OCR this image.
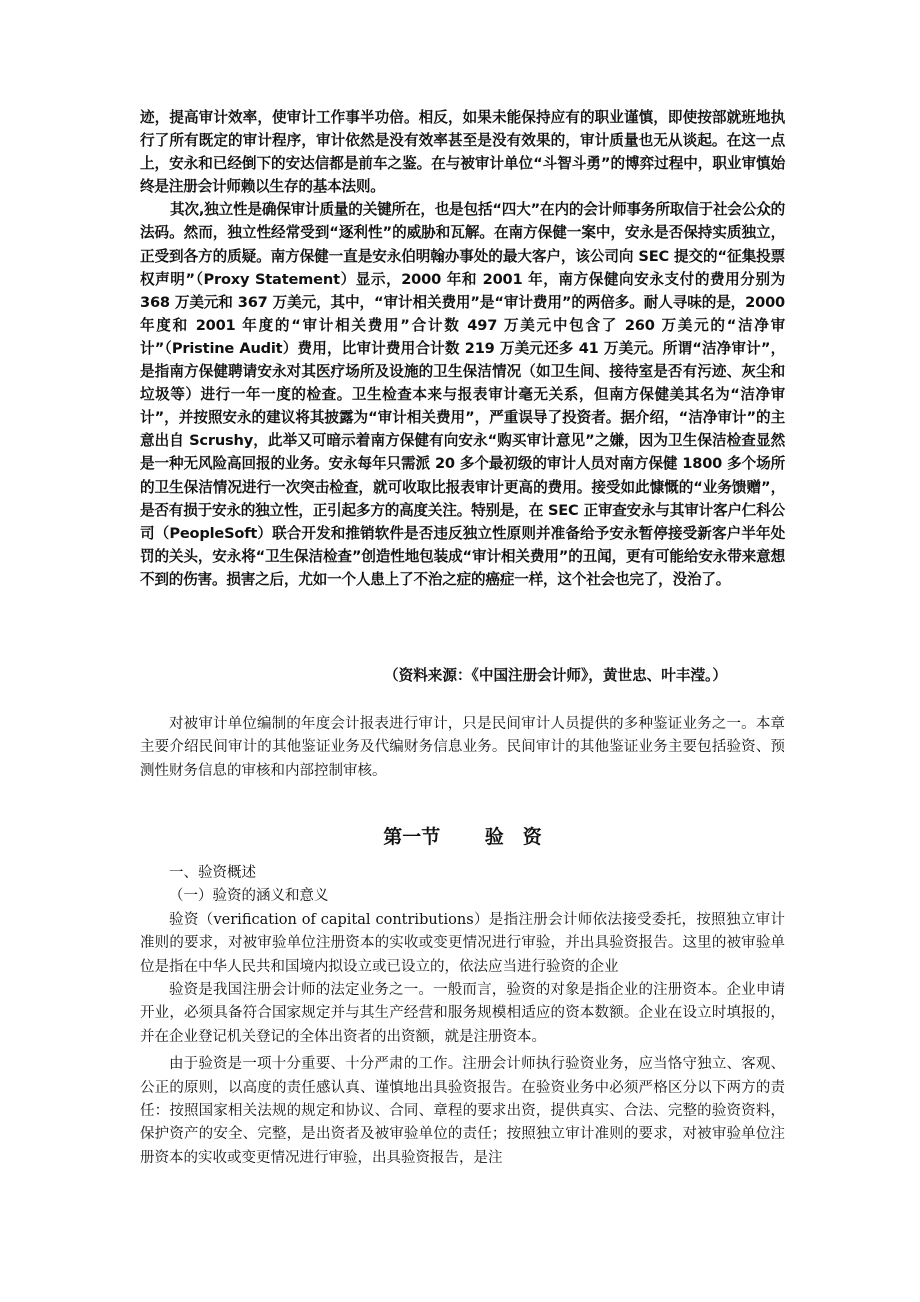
迹，提高审计效率，使审计工作事半功倍。相反，如果未能保持应有的职业谨慎，即使按部就班地执行了所有既定的审计程序，审计依然是没有效率甚至是没有效果的，审计质量也无从谈起。在这一点上，安永和已经倒下的安达信都是前车之鉴。在与被审计单位“斗智斗勇”的博弈过程中，职业审慎始终是注册会计师赖以生存的基本法则。

其次,独立性是确保审计质量的关键所在，也是包括“四大”在内的会计师事务所取信于社会公众的法码。然而，独立性经常受到“逐利性”的威胁和瓦解。在南方保健一案中，安永是否保持实质独立，正受到各方的质疑。南方保健一直是安永伯明翰办事处的最大客户，该公司向 SEC 提交的“征集投票权声明”（Proxy Statement）显示，2000 年和 2001 年，南方保健向安永支付的费用分别为 368 万美元和 367 万美元，其中，“审计相关费用”是“审计费用”的两倍多。耐人寻味的是，2000 年度和 2001 年度的“审计相关费用”合计数 497 万美元中包含了 260 万美元的“洁净审计”（Pristine Audit）费用，比审计费用合计数 219 万美元还多 41 万美元。所谓“洁净审计”，是指南方保健聘请安永对其医疗场所及设施的卫生保洁情况（如卫生间、接待室是否有污迹、灰尘和垃圾等）进行一年一度的检查。卫生检查本来与报表审计毫无关系，但南方保健美其名为“洁净审计”，并按照安永的建议将其披露为“审计相关费用”，严重误导了投资者。据介绍，“洁净审计”的主意出自 Scrushy，此举又可暗示着南方保健有向安永“购买审计意见”之嫌，因为卫生保洁检查显然是一种无风险高回报的业务。安永每年只需派 20 多个最初级的审计人员对南方保健 1800 多个场所的卫生保洁情况进行一次突击检查，就可收取比报表审计更高的费用。接受如此慷慨的“业务馈赠”，是否有损于安永的独立性，正引起多方的高度关注。特别是，在 SEC 正审查安永与其审计客户仁科公司（PeopleSoft）联合开发和推销软件是否违反独立性原则并准备给予安永暂停接受新客户半年处罚的关头，安永将“卫生保洁检查”创造性地包装成“审计相关费用”的丑闻，更有可能给安永带来意想不到的伤害。损害之后，尤如一个人患上了不治之症的癌症一样，这个社会也完了，没治了。

（资料来源：《中国注册会计师》，黄世忠、叶丰滢。）

对被审计单位编制的年度会计报表进行审计，只是民间审计人员提供的多种鉴证业务之一。本章主要介绍民间审计的其他鉴证业务及代编财务信息业务。民间审计的其他鉴证业务主要包括验资、预测性财务信息的审核和内部控制审核。

第一节　　 验　资

一、验资概述

（一）验资的涵义和意义

验资（verification of capital contributions）是指注册会计师依法接受委托，按照独立审计准则的要求，对被审验单位注册资本的实收或变更情况进行审验，并出具验资报告。这里的被审验单位是指在中华人民共和国境内拟设立或已设立的，依法应当进行验资的企业

验资是我国注册会计师的法定业务之一。一般而言，验资的对象是指企业的注册资本。企业申请开业，必须具备符合国家规定并与其生产经营和服务规模相适应的资本数额。企业在设立时填报的，并在企业登记机关登记的全体出资者的出资额，就是注册资本。

由于验资是一项十分重要、十分严肃的工作。注册会计师执行验资业务，应当恪守独立、客观、公正的原则，以高度的责任感认真、谨慎地出具验资报告。在验资业务中必须严格区分以下两方的责任：按照国家相关法规的规定和协议、合同、章程的要求出资，提供真实、合法、完整的验资资料，保护资产的安全、完整，是出资者及被审验单位的责任；按照独立审计准则的要求，对被审验单位注册资本的实收或变更情况进行审验，出具验资报告，是注
